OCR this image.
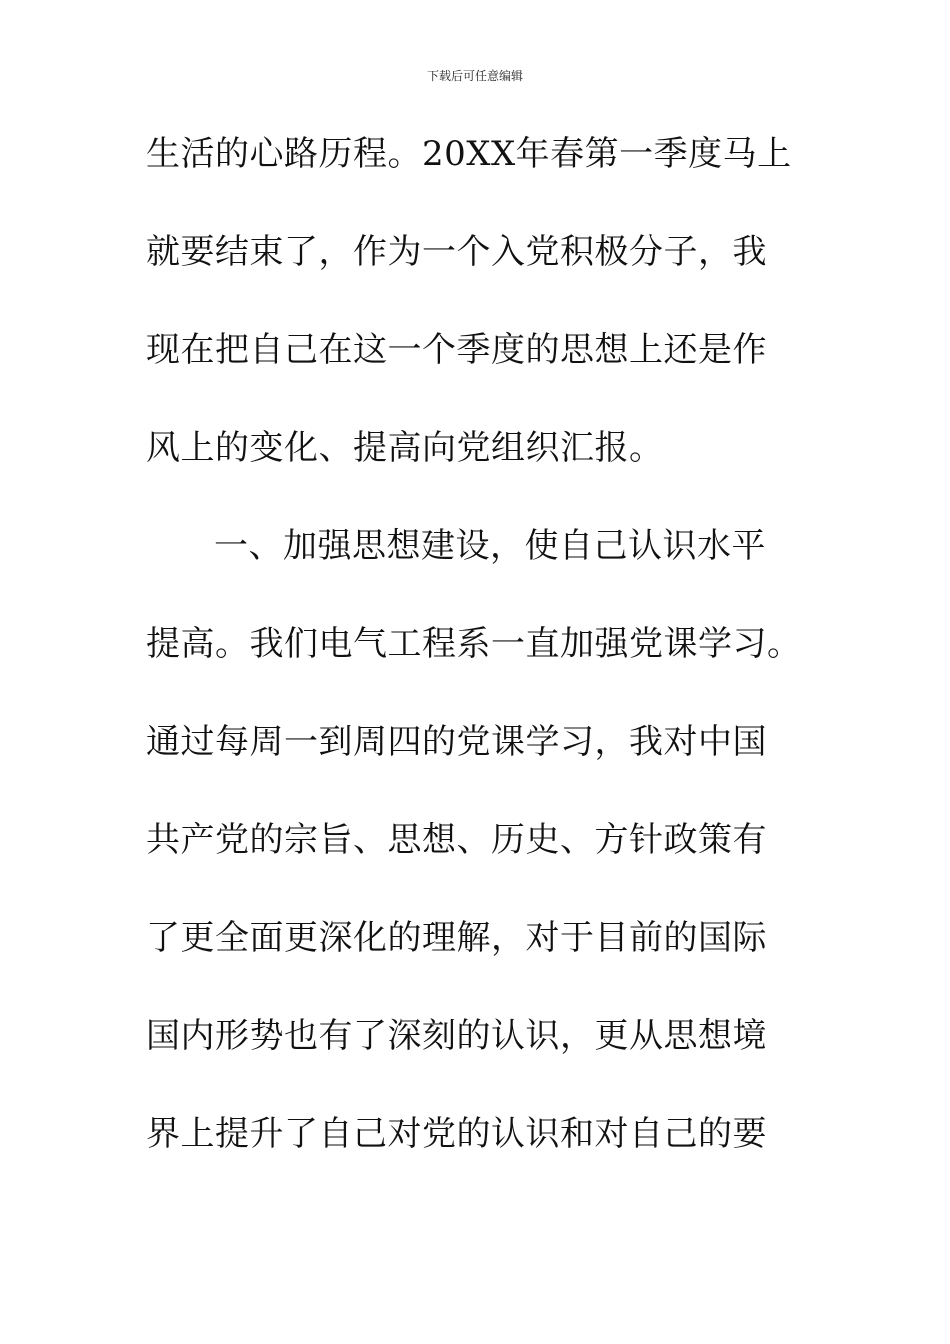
下载后可任意编辑
生活的心路历程。20XX年春第一季度马上
就要结束了，作为一个入党积极分子，我
现在把自己在这一个季度的思想上还是作
风上的变化、提高向党组织汇报。
一、加强思想建设，使自己认识水平
提高。我们电气工程系一直加强党课学习。
通过每周一到周四的党课学习，我对中国
共产党的宗旨、思想、历史、方针政策有
了更全面更深化的理解，对于目前的国际
国内形势也有了深刻的认识，更从思想境
界上提升了自己对党的认识和对自己的要
